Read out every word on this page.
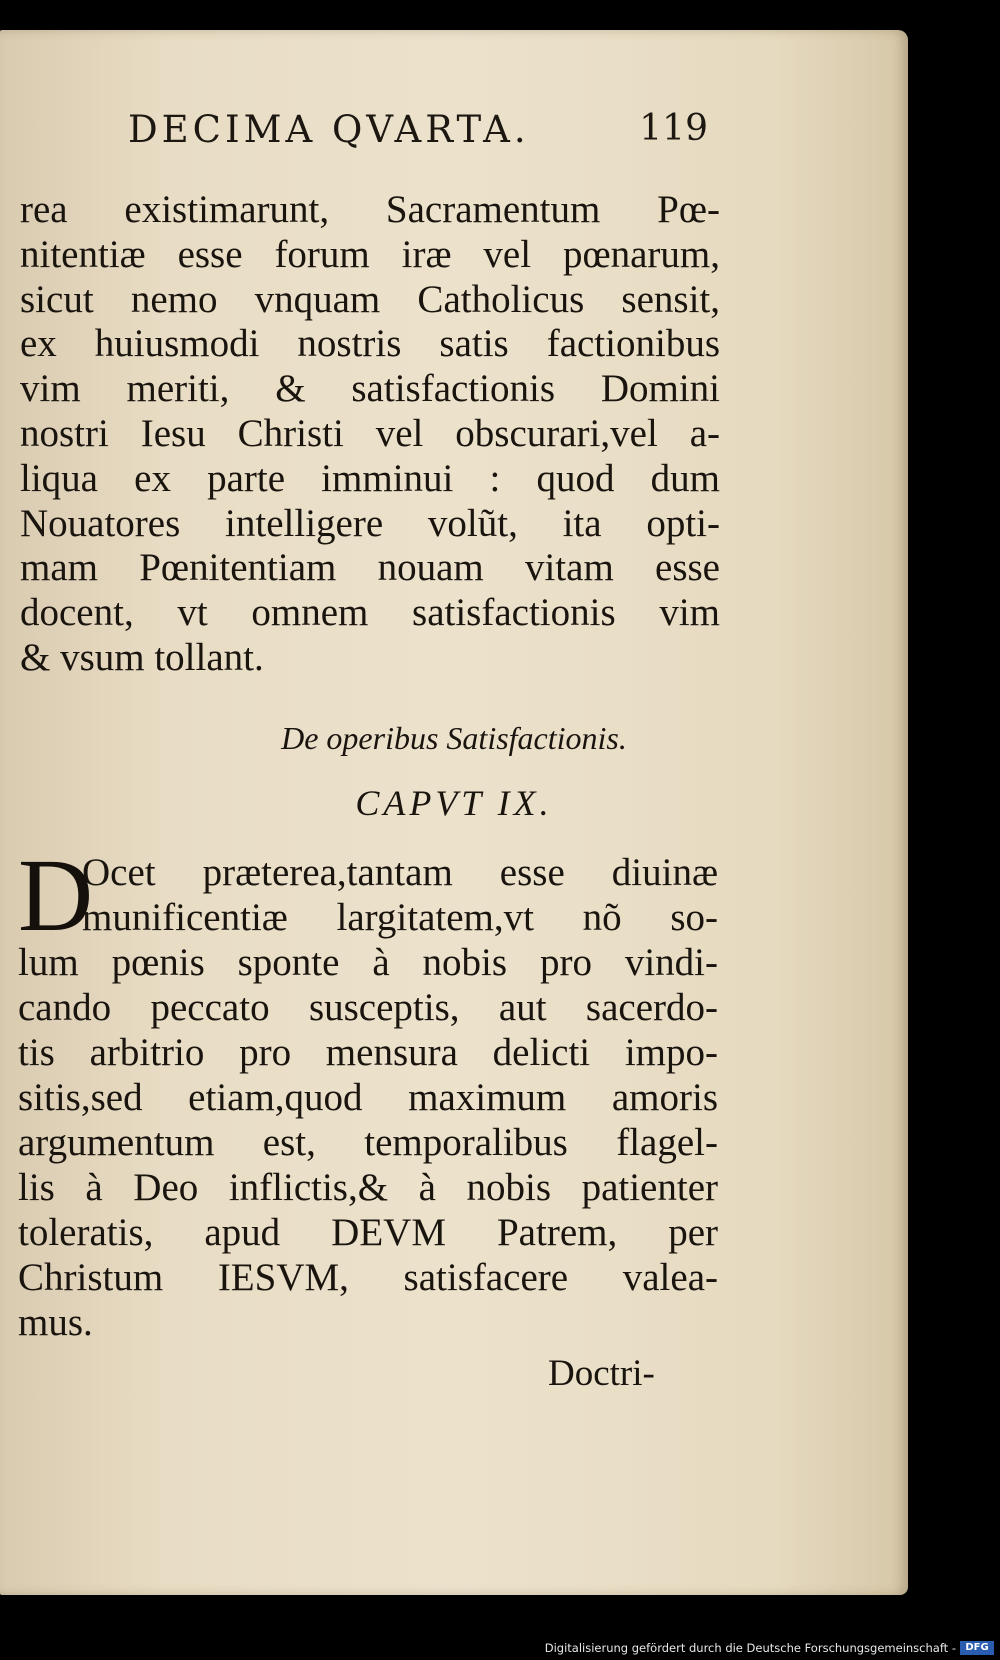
DECIMA QVARTA.	119
rea existimarunt, Sacramentum Pœ-
nitentiæ esse forum iræ vel pœnarum,
sicut nemo vnquam Catholicus sensit,
ex huiusmodi nostris satis factionibus
vim meriti, & satisfactionis Domini
nostri Iesu Christi vel obscurari,vel a-
liqua ex parte imminui : quod dum
Nouatores intelligere volũt, ita opti-
mam Pœnitentiam nouam vitam esse
docent, vt omnem satisfactionis vim
& vsum tollant.
De operibus Satisfactionis.
CAPVT IX.
D
Ocet præterea,tantam esse diuinæ
munificentiæ largitatem,vt nõ so-
lum pœnis sponte à nobis pro vindi-
cando peccato susceptis, aut sacerdo-
tis arbitrio pro mensura delicti impo-
sitis,sed etiam,quod maximum amoris
argumentum est, temporalibus flagel-
lis à Deo inflictis,& à nobis patienter
toleratis, apud DEVM Patrem, per
Christum IESVM, satisfacere valea-
mus.
Doctri-
Digitalisierung gefördert durch die Deutsche Forschungsgemeinschaft - DFG
